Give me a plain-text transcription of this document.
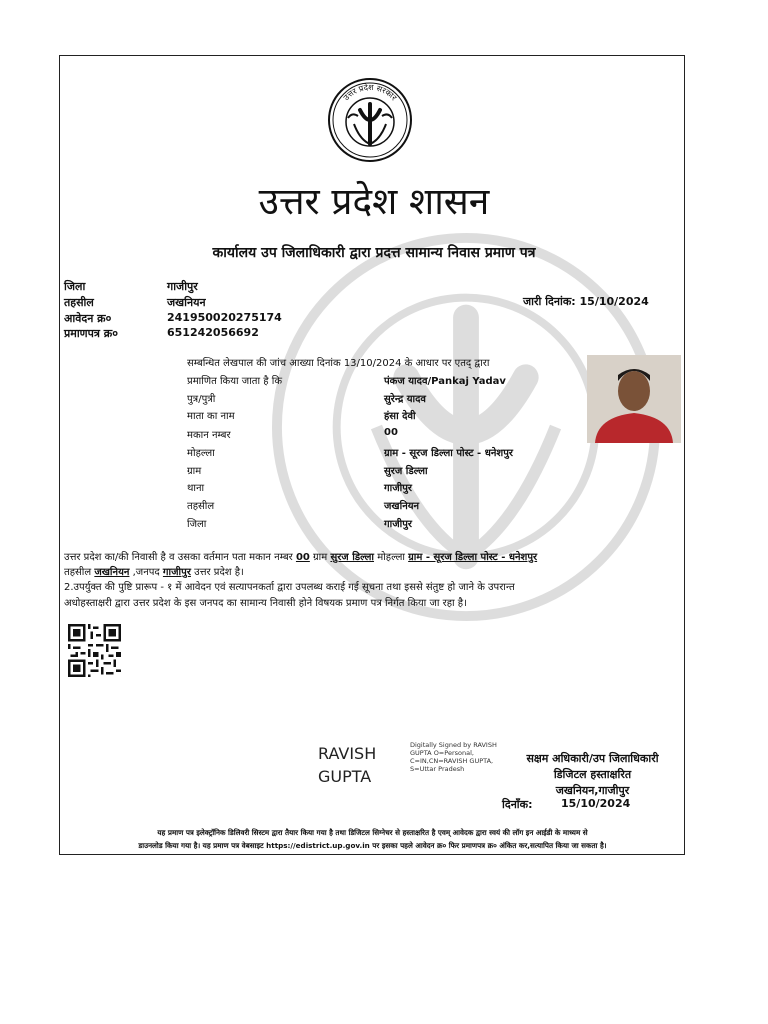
उत्तर प्रदेश सरकार
उत्तर प्रदेश शासन
कार्यालय उप जिलाधिकारी द्वारा प्रदत्त सामान्य निवास प्रमाण पत्र
जिला	गाजीपुर
तहसील	जखनियन
आवेदन क्र०	241950020275174
प्रमाणपत्र क्र०	651242056692
जारी दिनांक: 15/10/2024
सम्बन्धित लेखपाल की जांच आख्या दिनांक 13/10/2024 के आधार पर एतद् द्वारा
प्रमाणित किया जाता है कि	पंकज यादव/Pankaj Yadav
पुत्र/पुत्री	सुरेन्द्र यादव
माता का नाम	हंसा देवी
मकान नम्बर	00
मोहल्ला	ग्राम - सूरज डिल्ला पोस्ट - धनेशपुर
ग्राम	सुरज डिल्ला
थाना	गाजीपुर
तहसील	जखनियन
जिला	गाजीपुर
उत्तर प्रदेश का/की निवासी है व उसका वर्तमान पता मकान नम्बर 00 ग्राम सुरज डिल्ला मोहल्ला ग्राम - सूरज डिल्ला पोस्ट - धनेशपुर
तहसील जखनियन ,जनपद गाजीपुर उत्तर प्रदेश है।
2.उपर्युक्त की पुष्टि प्रारूप - १ में आवेदन एवं सत्यापनकर्ता द्वारा उपलब्ध कराई गई सूचना तथा इससे संतुष्ट हो जाने के उपरान्त
अधोहस्ताक्षरी द्वारा उत्तर प्रदेश के इस जनपद का सामान्य निवासी होने विषयक प्रमाण पत्र निर्गत किया जा रहा है।
RAVISH
GUPTA
Digitally Signed by RAVISH
GUPTA O=Personal,
C=IN,CN=RAVISH GUPTA,
S=Uttar Pradesh
सक्षम अधिकारी/उप जिलाधिकारी
डिजिटल हस्ताक्षरित
जखनियन,गाजीपुर
दिनाँक:	15/10/2024
यह प्रमाण पत्र इलेक्ट्रॉनिक डिलिवरी सिस्टम द्वारा तैयार किया गया है तथा डिजिटल सिग्नेचर से हस्ताक्षरित है एवम् आवेदक द्वारा स्वयं की लॉग इन आईडी के माध्यम से
डाउनलोड किया गया है। यह प्रमाण पत्र वेबसाइट https://edistrict.up.gov.in पर इसका पहले आवेदन क्र० फिर प्रमाणपत्र क्र० अंकित कर,सत्यापित किया जा सकता है।
